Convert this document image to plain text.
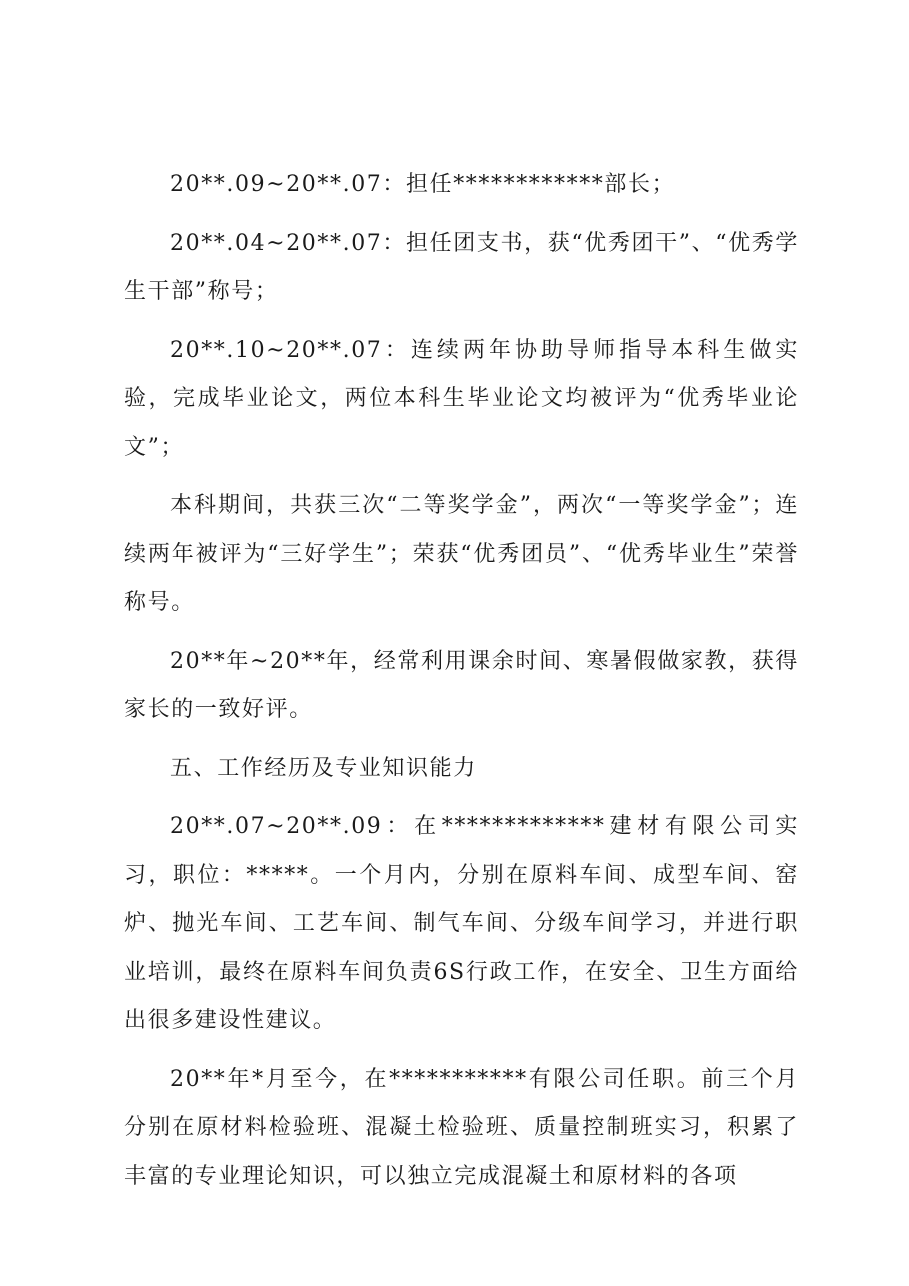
20**.09~20**.07：担任************部长；

20**.04~20**.07：担任团支书，获“优秀团干”、“优秀学生干部”称号；

20**.10~20**.07：连续两年协助导师指导本科生做实验，完成毕业论文，两位本科生毕业论文均被评为“优秀毕业论文”；

本科期间，共获三次“二等奖学金”，两次“一等奖学金”；连续两年被评为“三好学生”；荣获“优秀团员”、“优秀毕业生”荣誉称号。

20**年~20**年，经常利用课余时间、寒暑假做家教，获得家长的一致好评。

五、工作经历及专业知识能力

20**.07~20**.09：在*************建材有限公司实习，职位：*****。一个月内，分别在原料车间、成型车间、窑炉、抛光车间、工艺车间、制气车间、分级车间学习，并进行职业培训，最终在原料车间负责6S行政工作，在安全、卫生方面给出很多建设性建议。

20**年*月至今，在***********有限公司任职。前三个月分别在原材料检验班、混凝土检验班、质量控制班实习，积累了丰富的专业理论知识，可以独立完成混凝土和原材料的各项
